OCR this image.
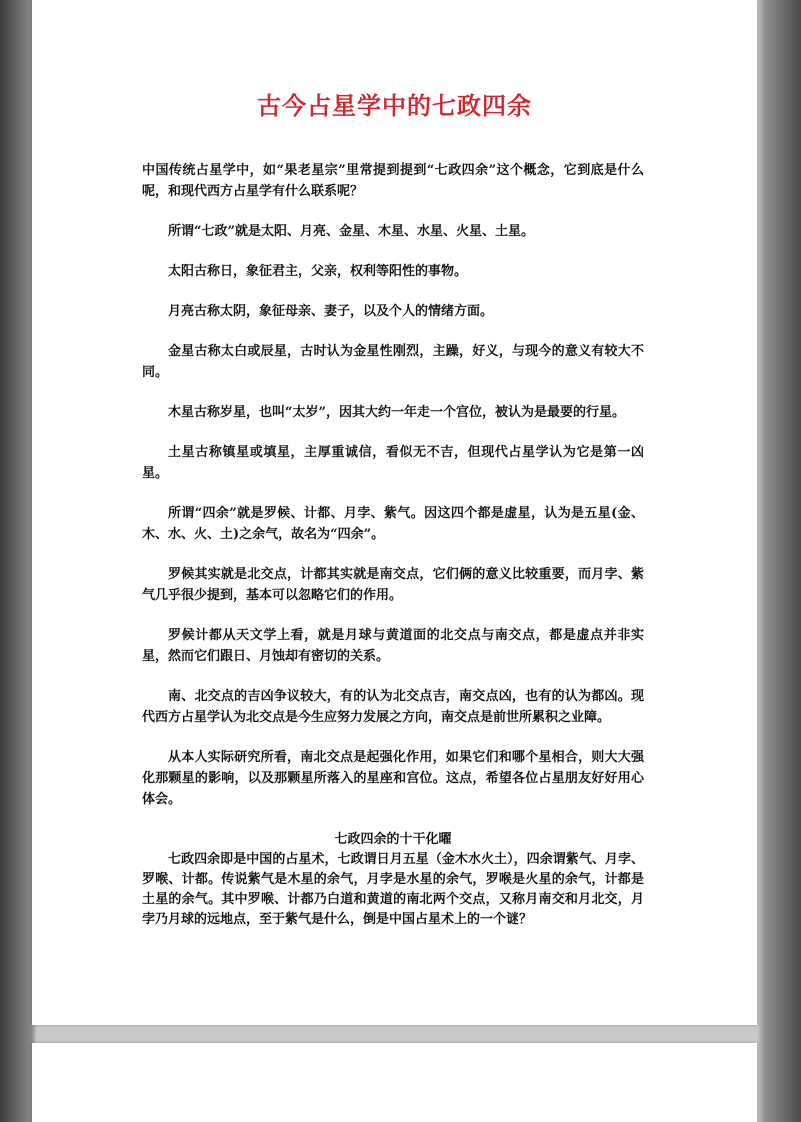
古今占星学中的七政四余

中国传统占星学中，如“果老星宗”里常提到提到“七政四余”这个概念，它到底是什么呢，和现代西方占星学有什么联系呢？

所谓“七政”就是太阳、月亮、金星、木星、水星、火星、土星。

太阳古称日，象征君主，父亲，权利等阳性的事物。

月亮古称太阴，象征母亲、妻子，以及个人的情绪方面。

金星古称太白或辰星，古时认为金星性刚烈，主躁，好义，与现今的意义有较大不同。

木星古称岁星，也叫“太岁”，因其大约一年走一个宫位，被认为是最要的行星。

土星古称镇星或填星，主厚重诚信，看似无不吉，但现代占星学认为它是第一凶星。

所谓“四余”就是罗候、计都、月孛、紫气。因这四个都是虚星，认为是五星(金、木、水、火、土)之余气，故名为“四余”。

罗候其实就是北交点，计都其实就是南交点，它们俩的意义比较重要，而月孛、紫气几乎很少提到，基本可以忽略它们的作用。

罗候计都从天文学上看，就是月球与黄道面的北交点与南交点，都是虚点并非实星，然而它们跟日、月蚀却有密切的关系。

南、北交点的吉凶争议较大，有的认为北交点吉，南交点凶，也有的认为都凶。现代西方占星学认为北交点是今生应努力发展之方向，南交点是前世所累积之业障。

从本人实际研究所看，南北交点是起强化作用，如果它们和哪个星相合，则大大强化那颗星的影响，以及那颗星所落入的星座和宫位。这点，希望各位占星朋友好好用心体会。

七政四余的十干化曜

七政四余即是中国的占星术，七政谓日月五星（金木水火土），四余谓紫气、月孛、罗喉、计都。传说紫气是木星的余气，月孛是水星的余气，罗喉是火星的余气，计都是土星的余气。其中罗喉、计都乃白道和黄道的南北两个交点，又称月南交和月北交，月孛乃月球的远地点，至于紫气是什么，倒是中国占星术上的一个谜？
